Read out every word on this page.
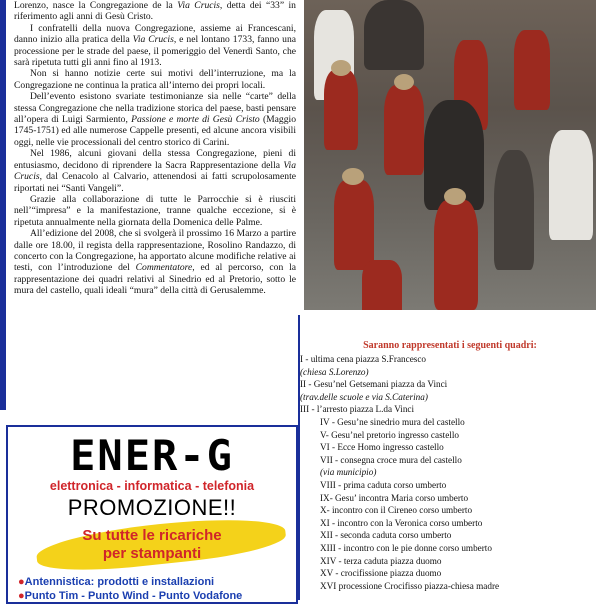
Lorenzo, nasce la Congregazione de la Via Crucis, detta dei “33” in riferimento agli anni di Gesù Cristo.

I confratelli della nuova Congregazione, assieme ai Francescani, danno inizio alla pratica della Via Crucis, e nel lontano 1733, fanno una processione per le strade del paese, il pomeriggio del Venerdì Santo, che sarà ripetuta tutti gli anni fino al 1913.

Non si hanno notizie certe sui motivi dell’interruzione, ma la Congregazione ne continua la pratica all’interno dei propri locali.

Dell’evento esistono svariate testimonianze sia nelle “carte” della stessa Congregazione che nella tradizione storica del paese, basti pensare all’opera di Luigi Sarmiento, Passione e morte di Gesù Cristo (Maggio 1745-1751) ed alle numerose Cappelle presenti, ed alcune ancora visibili oggi, nelle vie processionali del centro storico di Carini.

Nel 1986, alcuni giovani della stessa Congregazione, pieni di entusiasmo, decidono di riprendere la Sacra Rappresentazione della Via Crucis, dal Cenacolo al Calvario, attenendosi ai fatti scrupolosamente riportati nei “Santi Vangeli”.

Grazie alla collaborazione di tutte le Parrocchie si è riusciti nell’“impresa” e la manifestazione, tranne qualche eccezione, si è ripetuta annualmente nella giornata della Domenica delle Palme.

All’edizione del 2008, che si svolgerà il prossimo 16 Marzo a partire dalle ore 18.00, il regista della rappresentazione, Rosolino Randazzo, di concerto con la Congregazione, ha apportato alcune modifiche relative ai testi, con l’introduzione del Commentatore, ed al percorso, con la rappresentazione dei quadri relativi al Sinedrio ed al Pretorio, sotto le mura del castello, quali ideali “mura” della città di Gerusalemme.

Saranno rappresentati i seguenti quadri:
I - ultima cena piazza S.Francesco
(chiesa S.Lorenzo)
II - Gesu’nel Getsemani piazza da Vinci
(trav.delle scuole e via S.Caterina)
III - l’arresto piazza L.da Vinci
IV - Gesu’ne sinedrio mura del castello
V- Gesu’nel pretorio ingresso castello
VI - Ecce Homo ingresso castello
VII - consegna croce mura del castello
(via municipio)
VIII - prima caduta corso umberto
IX- Gesu’ incontra Maria corso umberto
X- incontro con il Cireneo corso umberto
XI - incontro con la Veronica corso umberto
XII - seconda caduta corso umberto
XIII - incontro con le pie donne corso umberto
XIV - terza caduta piazza duomo
XV - crocifissione piazza duomo
XVI processione Crocifisso piazza-chiesa madre
ENER-G
elettronica - informatica - telefonia
PROMOZIONE!!
Su tutte le ricariche
per stampanti
● Antennistica: prodotti e installazioni
● Punto Tim - Punto Wind - Punto Vodafone
